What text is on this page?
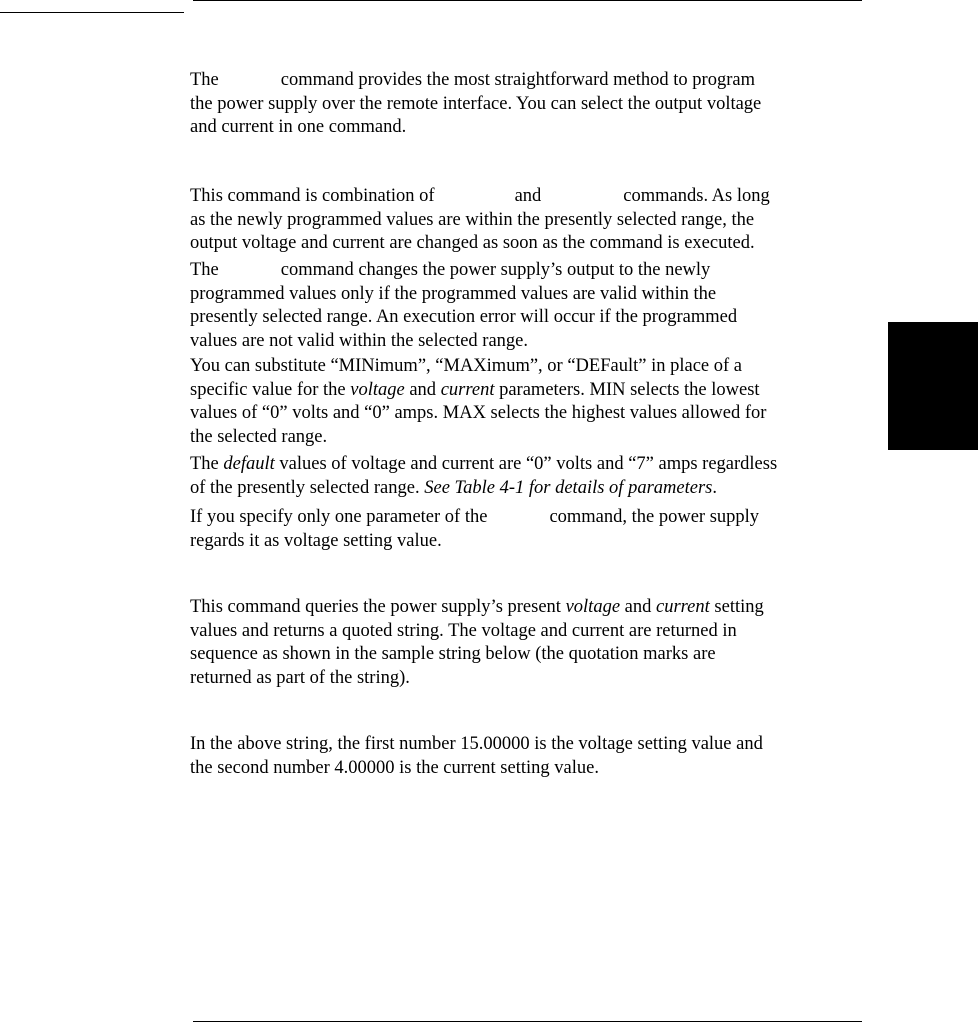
The	command provides the most straightforward method to program
the power supply over the remote interface. You can select the output voltage
and current in one command.

This command is combination of	and	commands. As long
as the newly programmed values are within the presently selected range, the
output voltage and current are changed as soon as the command is executed.

The	command changes the power supply’s output to the newly
programmed values only if the programmed values are valid within the
presently selected range. An execution error will occur if the programmed
values are not valid within the selected range.

You can substitute “MINimum”, “MAXimum”, or “DEFault” in place of a
specific value for the voltage and current parameters. MIN selects the lowest
values of “0” volts and “0” amps. MAX selects the highest values allowed for
the selected range.

The default values of voltage and current are “0” volts and “7” amps regardless
of the presently selected range. See Table 4-1 for details of parameters.

If you specify only one parameter of the	command, the power supply
regards it as voltage setting value.

This command queries the power supply’s present voltage and current setting
values and returns a quoted string. The voltage and current are returned in
sequence as shown in the sample string below (the quotation marks are
returned as part of the string).

In the above string, the first number 15.00000 is the voltage setting value and
the second number 4.00000 is the current setting value.
